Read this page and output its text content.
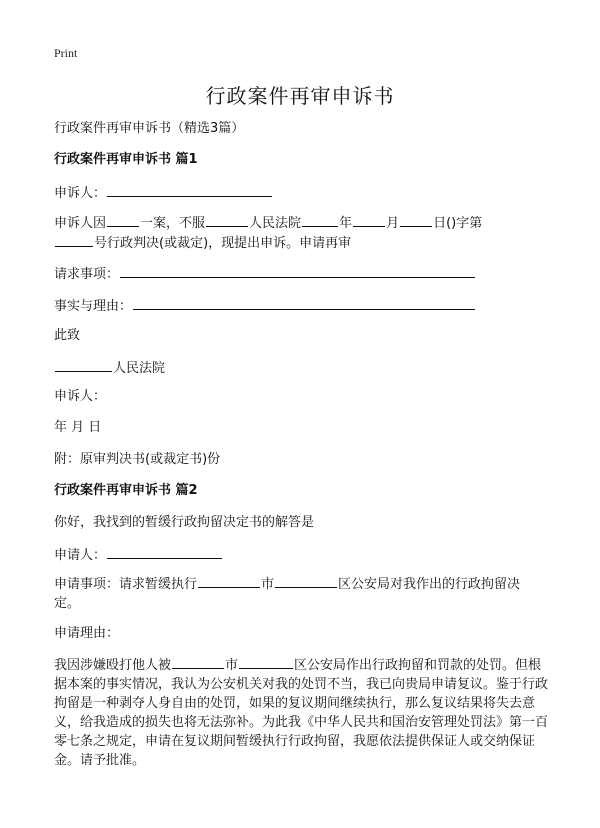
Print
行政案件再审申诉书
行政案件再审申诉书（精选3篇）
行政案件再审申诉书 篇1
申诉人：
申诉人因	一案，不服	人民法院	年	月	日()字第
号行政判决(或裁定)，现提出申诉。申请再审
请求事项：
事实与理由：
此致
人民法院
申诉人：
年 月 日
附：原审判决书(或裁定书)份
行政案件再审申诉书 篇2
你好，我找到的暂缓行政拘留决定书的解答是
申请人：
申请事项：请求暂缓执行	市	区公安局对我作出的行政拘留决
定。
申请理由：
我因涉嫌殴打他人被	市	区公安局作出行政拘留和罚款的处罚。但根据本案的事实情况，我认为公安机关对我的处罚不当，我已向贵局申请复议。鉴于行政拘留是一种剥夺人身自由的处罚，如果的复议期间继续执行，那么复议结果将失去意义，给我造成的损失也将无法弥补。为此我《中华人民共和国治安管理处罚法》第一百零七条之规定，申请在复议期间暂缓执行行政拘留，我愿依法提供保证人或交纳保证金。请予批准。
